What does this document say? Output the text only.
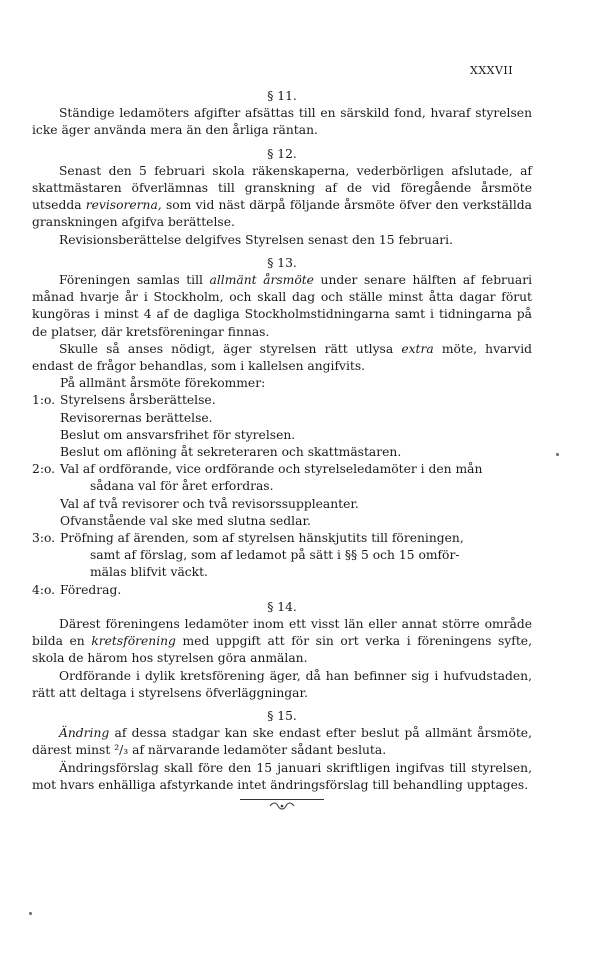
XXXVII

§ 11.

Ständige ledamöters afgifter afsättas till en särskild fond, hvaraf styrelsen icke äger använda mera än den årliga räntan.

§ 12.

Senast den 5 februari skola räkenskaperna, vederbörligen afslutade, af skattmästaren öfverlämnas till granskning af de vid föregående årsmöte utsedda revisorerna, som vid näst därpå följande årsmöte öfver den verkställda granskningen afgifva berättelse.

Revisionsberättelse delgifves Styrelsen senast den 15 februari.

§ 13.

Föreningen samlas till allmänt årsmöte under senare hälften af februari månad hvarje år i Stockholm, och skall dag och ställe minst åtta dagar förut kungöras i minst 4 af de dagliga Stockholmstidningarna samt i tidningarna på de platser, där kretsföreningar finnas.

Skulle så anses nödigt, äger styrelsen rätt utlysa extra möte, hvarvid endast de frågor behandlas, som i kallelsen angifvits.

På allmänt årsmöte förekommer:

1:o. Styrelsens årsberättelse.

Revisorernas berättelse.

Beslut om ansvarsfrihet för styrelsen.

Beslut om aflöning åt sekreteraren och skattmästaren.

2:o. Val af ordförande, vice ordförande och styrelseledamöter i den mån

sådana val för året erfordras.

Val af två revisorer och två revisorssuppleanter.

Ofvanstående val ske med slutna sedlar.

3:o. Pröfning af ärenden, som af styrelsen hänskjutits till föreningen,

samt af förslag, som af ledamot på sätt i §§ 5 och 15 omför-

mälas blifvit väckt.

4:o. Föredrag.

§ 14.

Därest föreningens ledamöter inom ett visst län eller annat större område bilda en kretsförening med uppgift att för sin ort verka i föreningens syfte, skola de härom hos styrelsen göra anmälan.

Ordförande i dylik kretsförening äger, då han befinner sig i hufvudstaden, rätt att deltaga i styrelsens öfverläggningar.

§ 15.

Ändring af dessa stadgar kan ske endast efter beslut på allmänt årsmöte, därest minst ²/₃ af närvarande ledamöter sådant besluta.

Ändringsförslag skall före den 15 januari skriftligen ingifvas till styrelsen, mot hvars enhälliga afstyrkande intet ändringsförslag till behandling upptages.
